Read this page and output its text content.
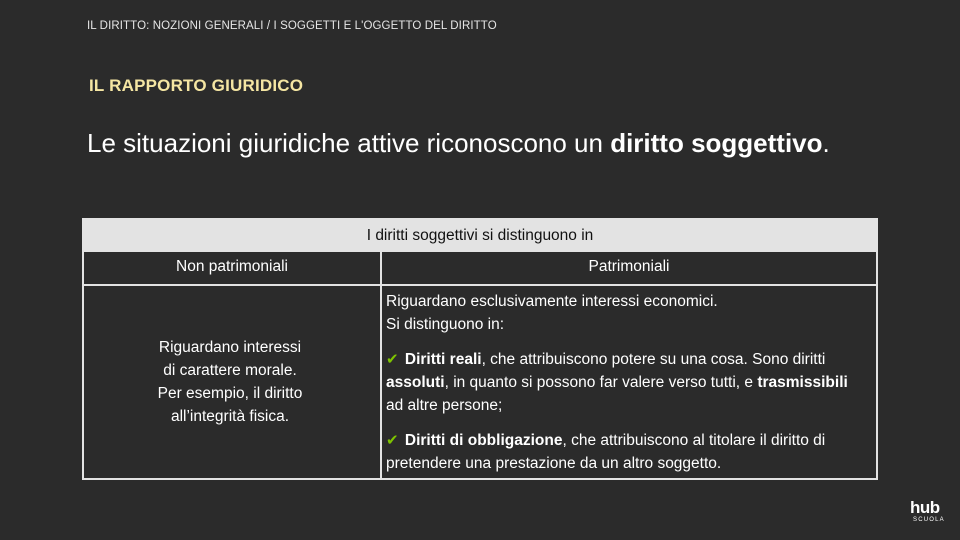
IL DIRITTO: NOZIONI GENERALI / I SOGGETTI E L'OGGETTO DEL DIRITTO
IL RAPPORTO GIURIDICO
Le situazioni giuridiche attive riconoscono un diritto soggettivo.
I diritti soggettivi si distinguono in
Non patrimoniali	Patrimoniali
Riguardano interessi
di carattere morale.
Per esempio, il diritto
all’integrità fisica.
Riguardano esclusivamente interessi economici.
Si distinguono in:
✔ Diritti reali, che attribuiscono potere su una cosa. Sono diritti assoluti, in quanto si possono far valere verso tutti, e trasmissibili ad altre persone;
✔ Diritti di obbligazione, che attribuiscono al titolare il diritto di pretendere una prestazione da un altro soggetto.
hub
SCUOLA
